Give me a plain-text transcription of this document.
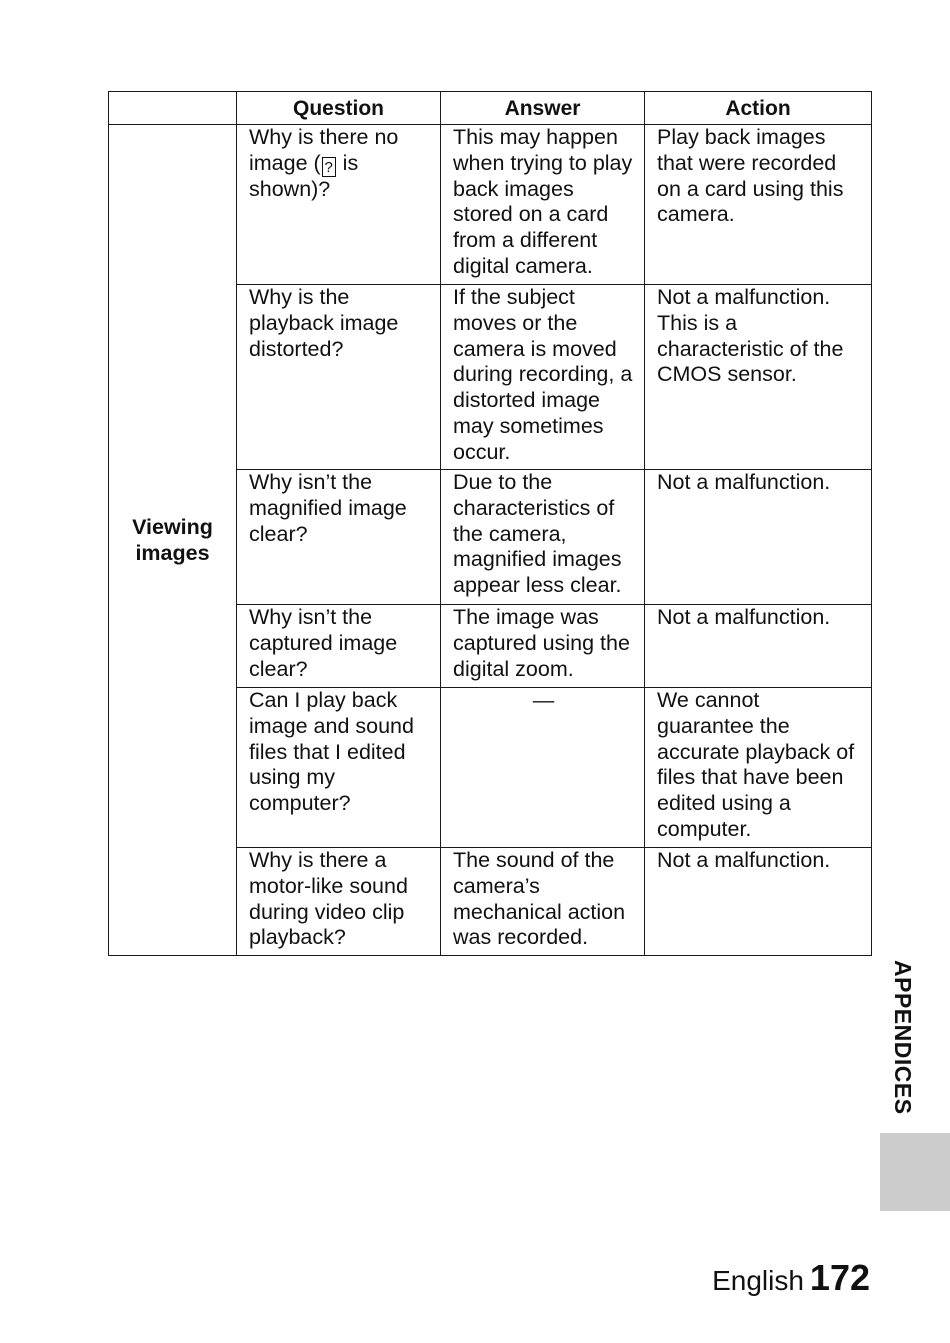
	Question	Answer	Action
Viewing images	Why is there no image ( ? is shown)?	This may happen when trying to play back images stored on a card from a different digital camera.	Play back images that were recorded on a card using this camera.
	Why is the playback image distorted?	If the subject moves or the camera is moved during recording, a distorted image may sometimes occur.	Not a malfunction. This is a characteristic of the CMOS sensor.
	Why isn’t the magnified image clear?	Due to the characteristics of the camera, magnified images appear less clear.	Not a malfunction.
	Why isn’t the captured image clear?	The image was captured using the digital zoom.	Not a malfunction.
	Can I play back image and sound files that I edited using my computer?	—	We cannot guarantee the accurate playback of files that have been edited using a computer.
	Why is there a motor-like sound during video clip playback?	The sound of the camera’s mechanical action was recorded.	Not a malfunction.
APPENDICES
English 172
